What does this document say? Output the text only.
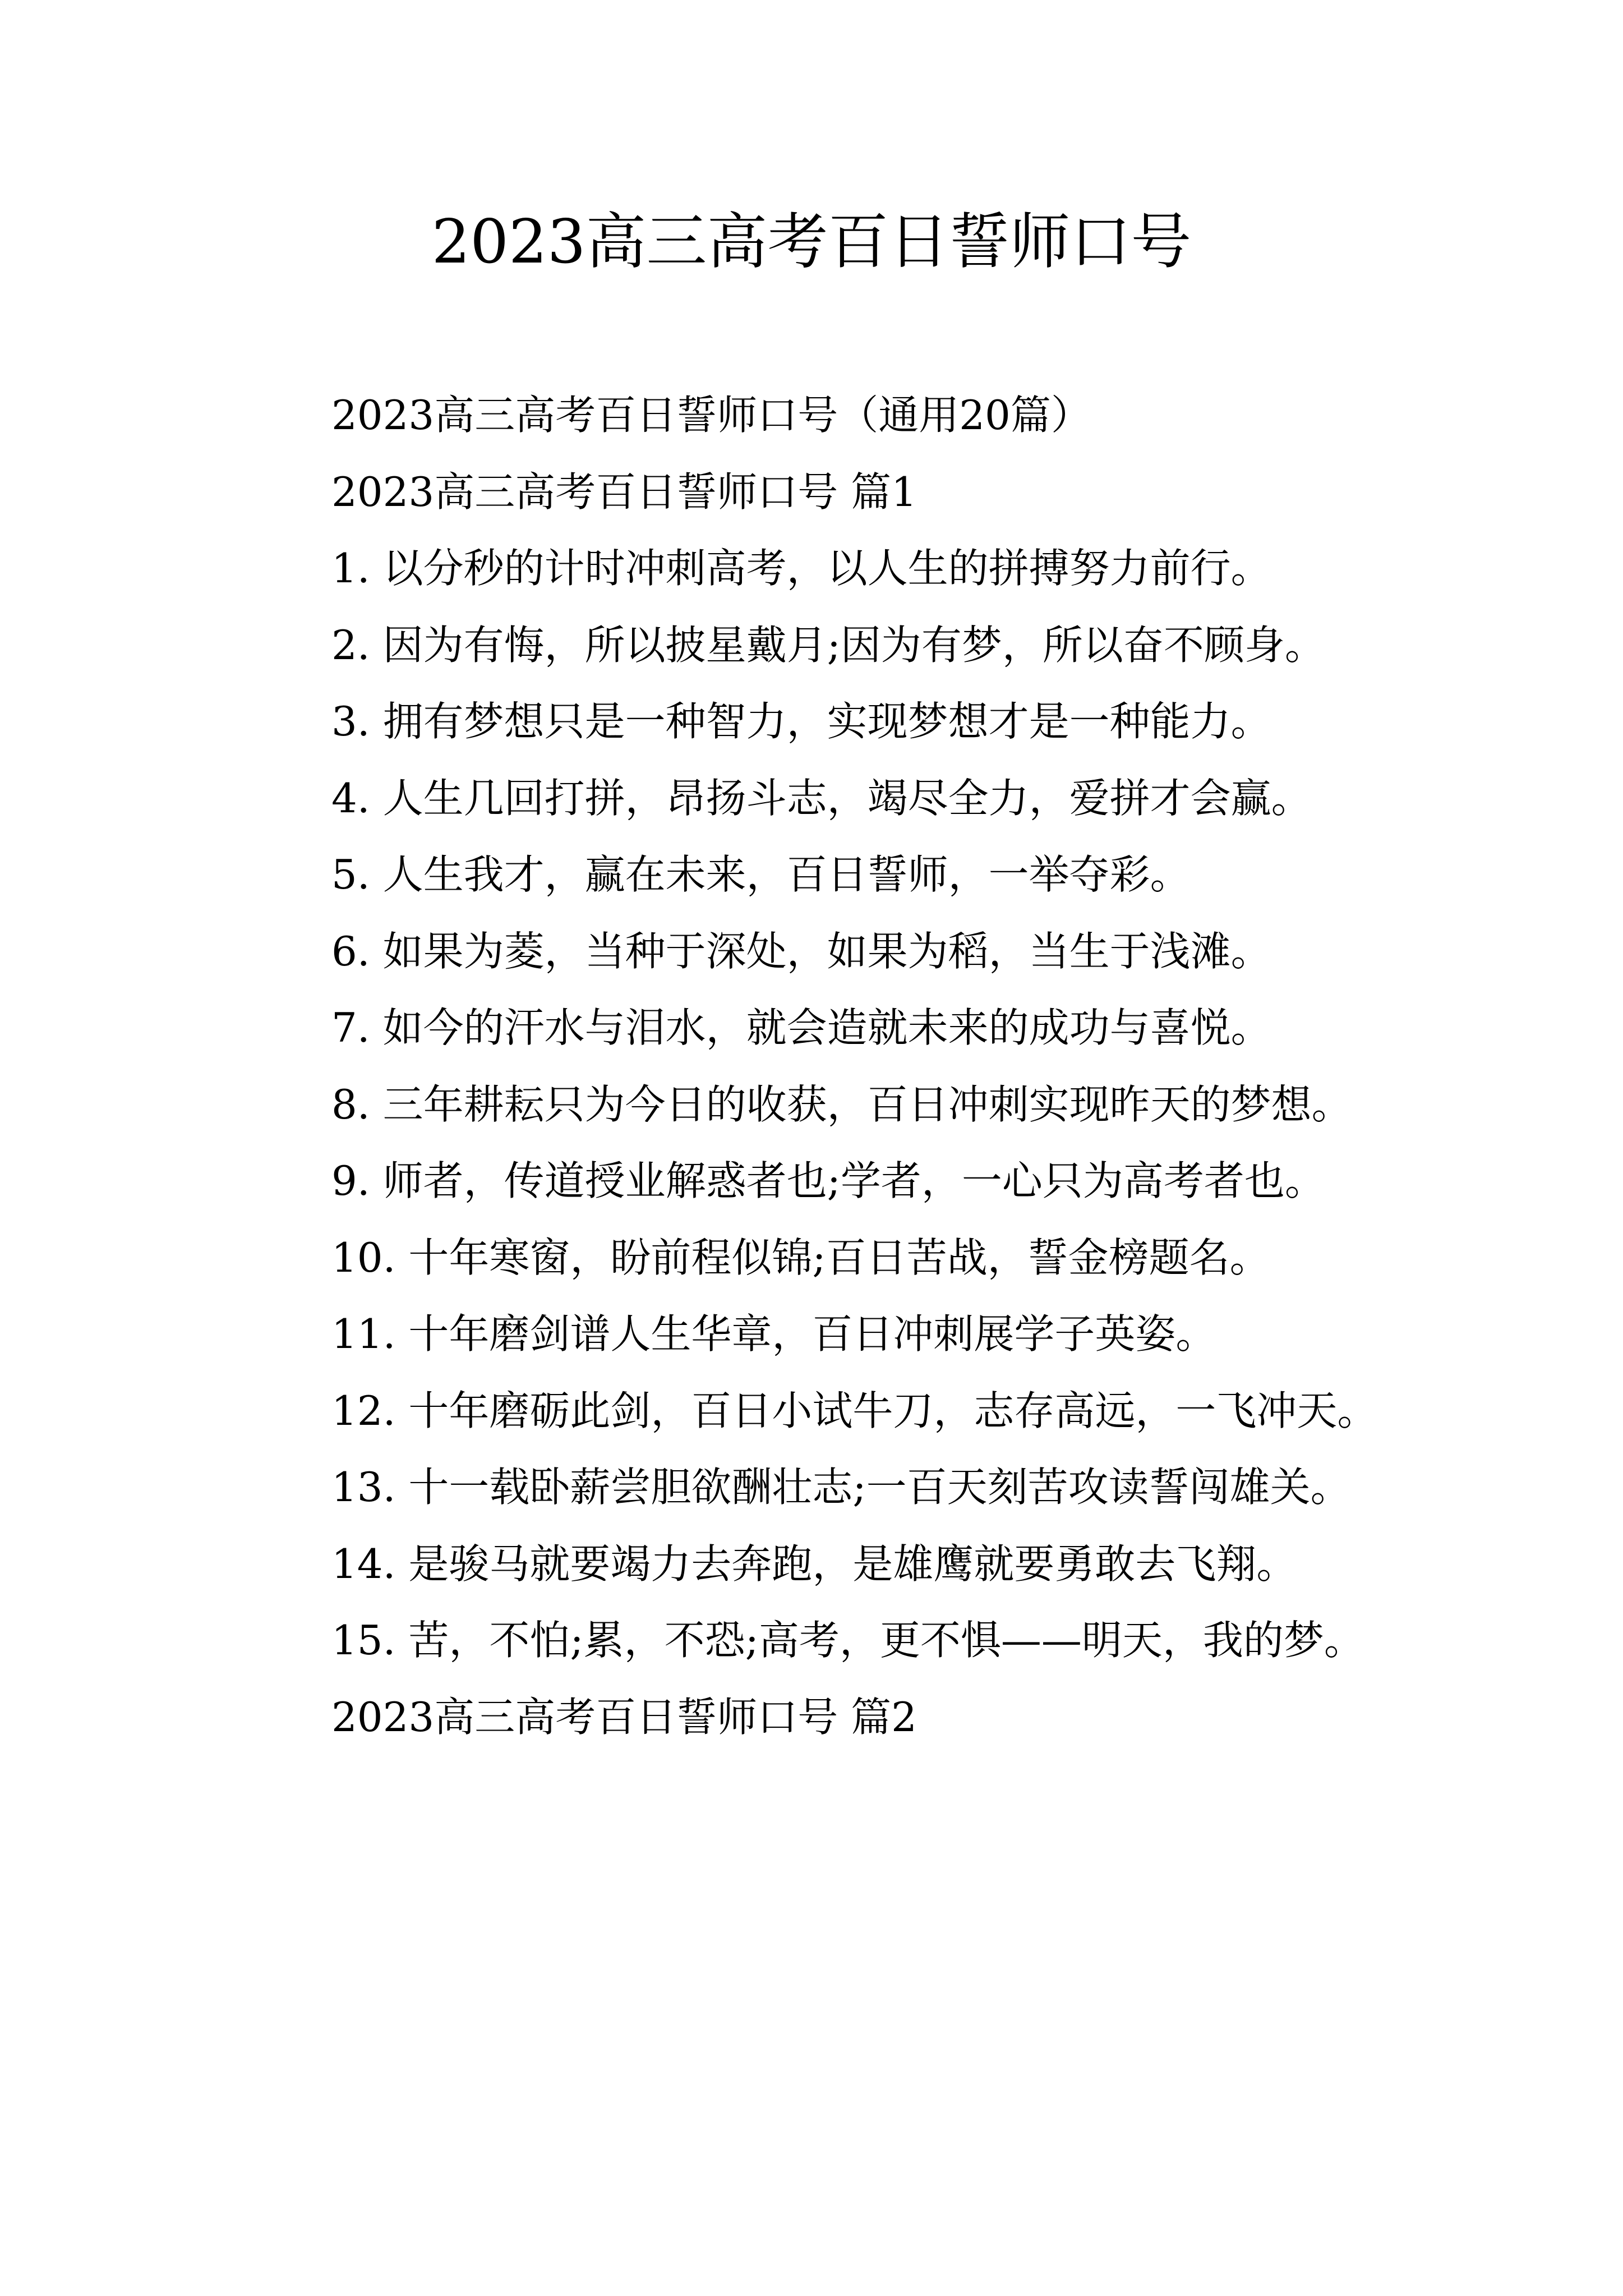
2023高三高考百日誓师口号

2023高三高考百日誓师口号（通用20篇）

2023高三高考百日誓师口号 篇1

1. 以分秒的计时冲刺高考，以人生的拼搏努力前行。

2. 因为有悔，所以披星戴月;因为有梦，所以奋不顾身。

3. 拥有梦想只是一种智力，实现梦想才是一种能力。

4. 人生几回打拼，昂扬斗志，竭尽全力，爱拼才会赢。

5. 人生我才，赢在未来，百日誓师，一举夺彩。

6. 如果为菱，当种于深处，如果为稻，当生于浅滩。

7. 如今的汗水与泪水，就会造就未来的成功与喜悦。

8. 三年耕耘只为今日的收获，百日冲刺实现昨天的梦想。

9. 师者，传道授业解惑者也;学者，一心只为高考者也。

10. 十年寒窗，盼前程似锦;百日苦战，誓金榜题名。

11. 十年磨剑谱人生华章，百日冲刺展学子英姿。

12. 十年磨砺此剑，百日小试牛刀，志存高远，一飞冲天。

13. 十一载卧薪尝胆欲酬壮志;一百天刻苦攻读誓闯雄关。

14. 是骏马就要竭力去奔跑，是雄鹰就要勇敢去飞翔。

15. 苦，不怕;累，不恐;高考，更不惧——明天，我的梦。

2023高三高考百日誓师口号 篇2
